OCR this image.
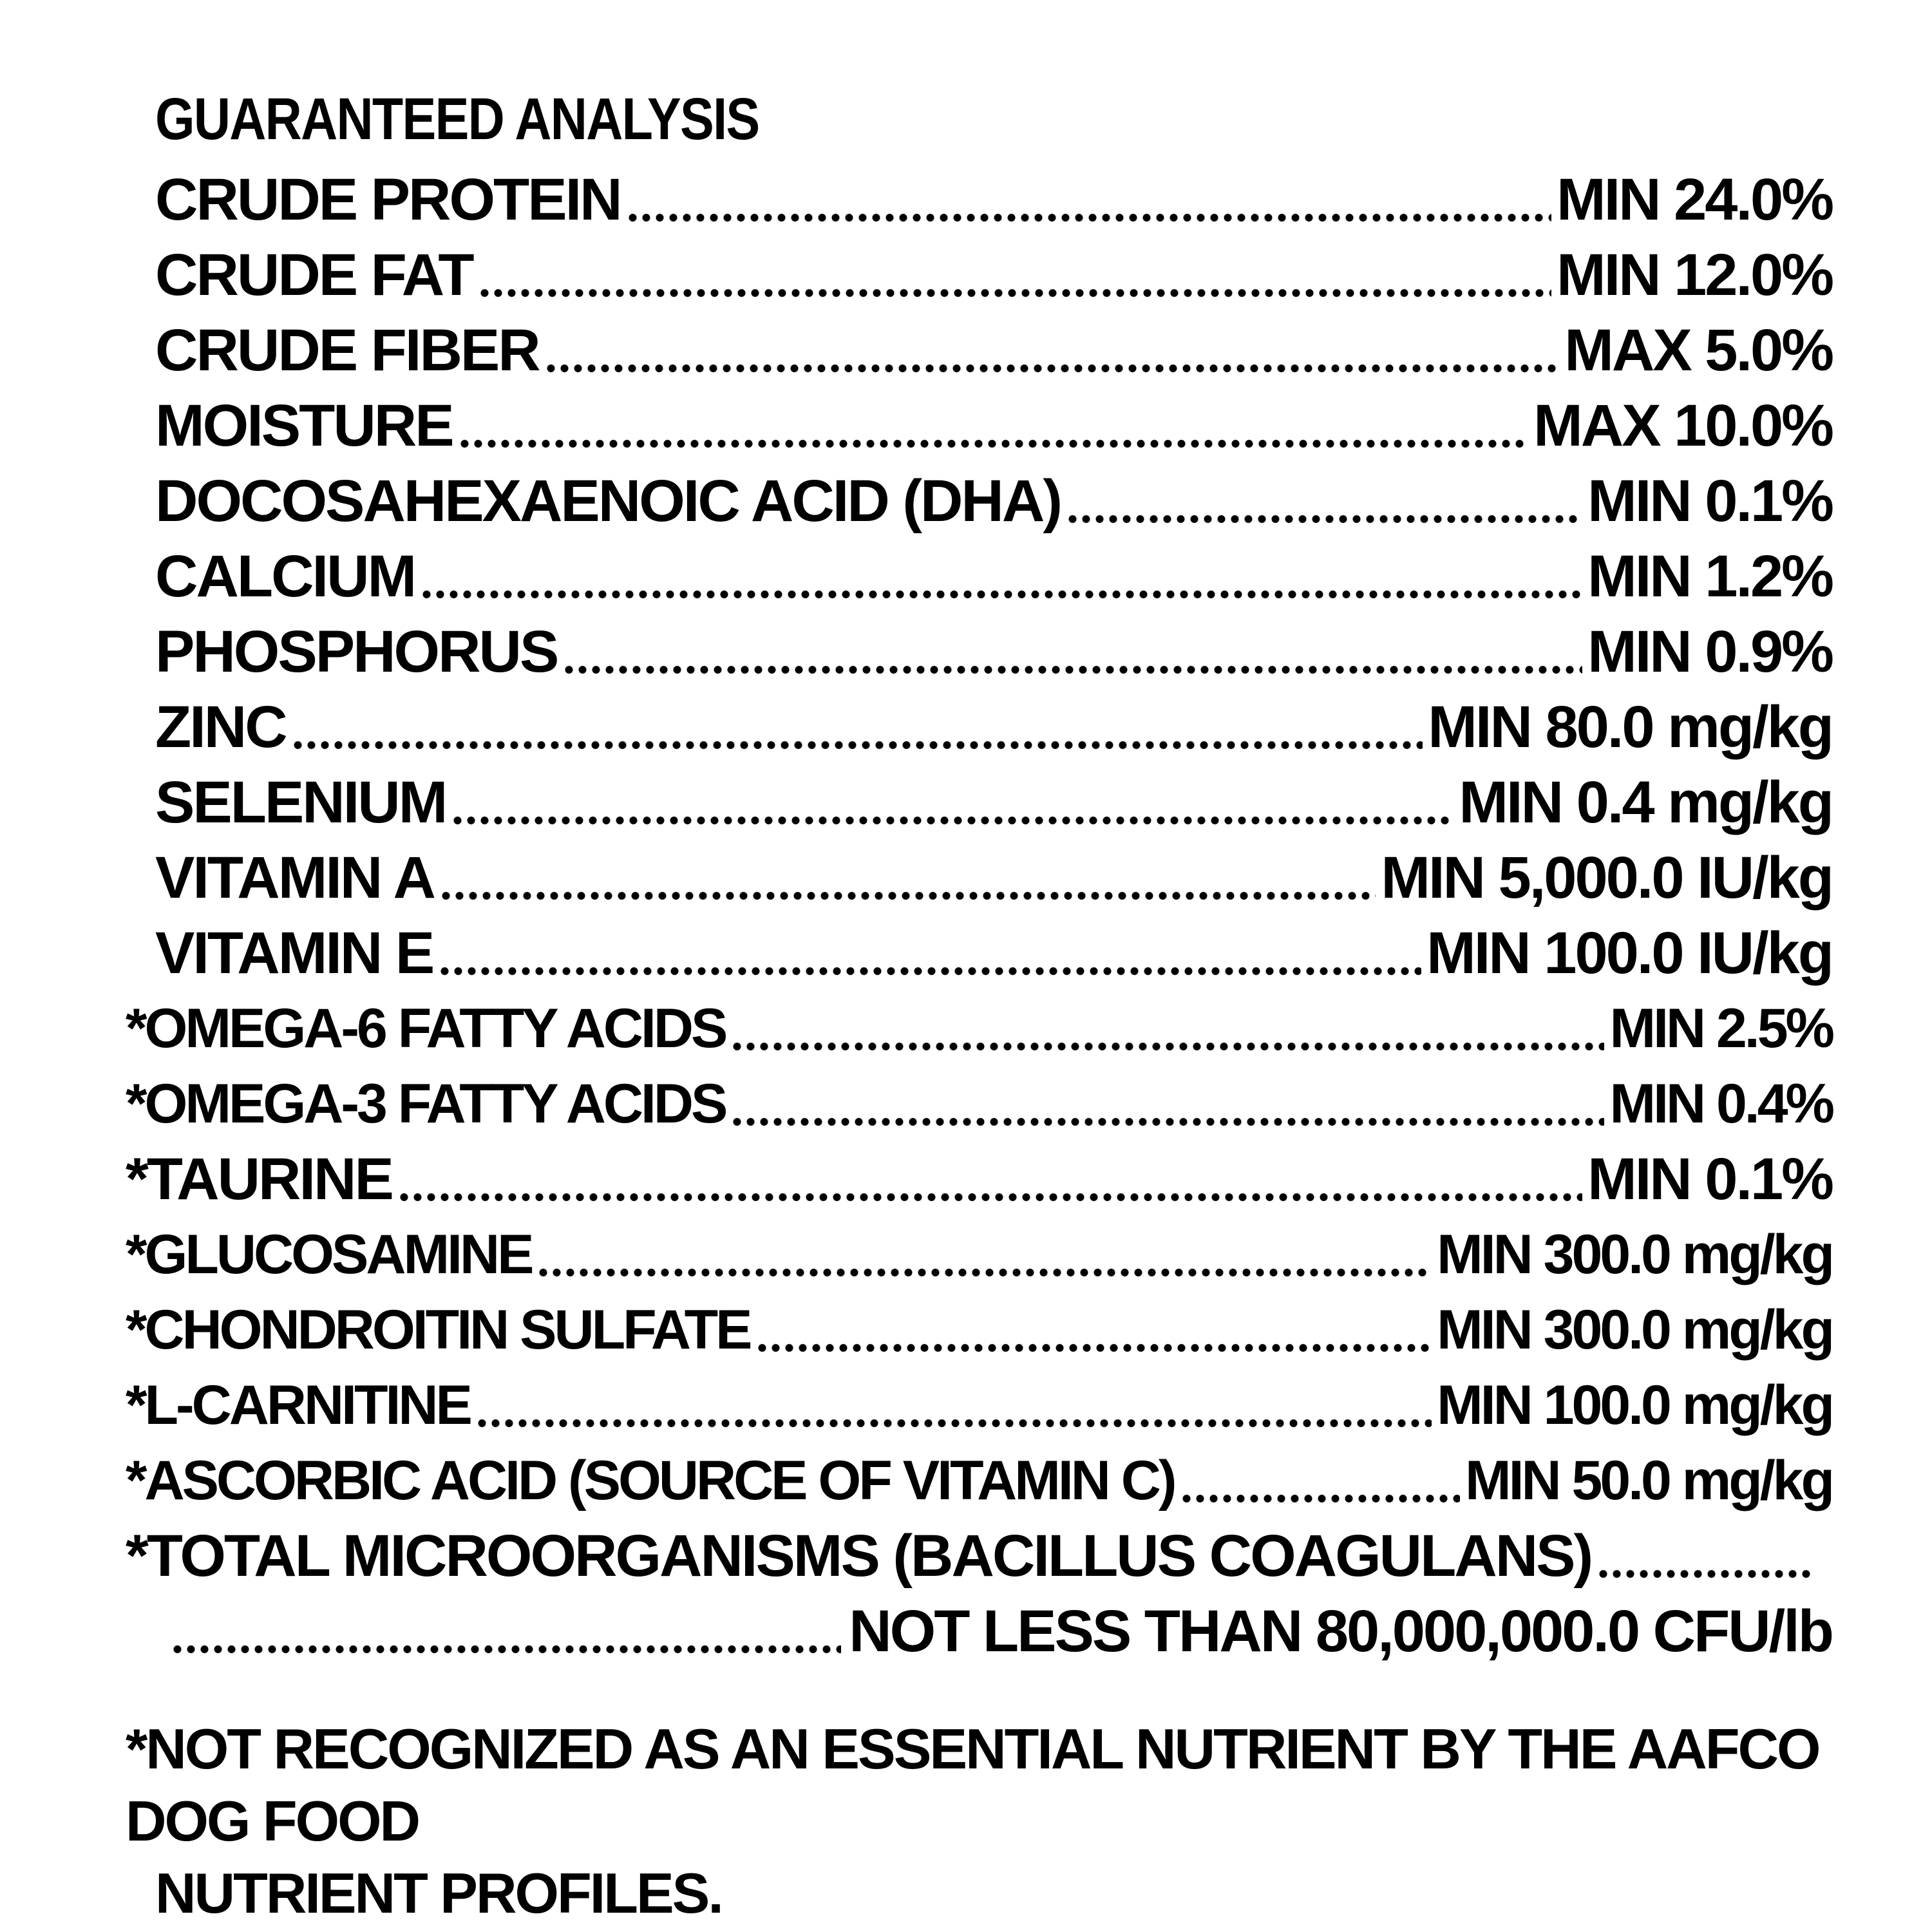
GUARANTEED ANALYSIS
CRUDE PROTEIN	MIN 24.0%
CRUDE FAT	MIN 12.0%
CRUDE FIBER	MAX 5.0%
MOISTURE	MAX 10.0%
DOCOSAHEXAENOIC ACID (DHA)	MIN 0.1%
CALCIUM	MIN 1.2%
PHOSPHORUS	MIN 0.9%
ZINC	MIN 80.0 mg/kg
SELENIUM	MIN 0.4 mg/kg
VITAMIN A	MIN 5,000.0 IU/kg
VITAMIN E	MIN 100.0 IU/kg
*OMEGA-6 FATTY ACIDS	MIN 2.5%
*OMEGA-3 FATTY ACIDS	MIN 0.4%
*TAURINE	MIN 0.1%
*GLUCOSAMINE	MIN 300.0 mg/kg
*CHONDROITIN SULFATE	MIN 300.0 mg/kg
*L-CARNITINE	MIN 100.0 mg/kg
*ASCORBIC ACID (SOURCE OF VITAMIN C)	MIN 50.0 mg/kg
*TOTAL MICROORGANISMS (BACILLUS COAGULANS)
NOT LESS THAN 80,000,000.0 CFU/lb
*NOT RECOGNIZED AS AN ESSENTIAL NUTRIENT BY THE AAFCO DOG FOOD
NUTRIENT PROFILES.
